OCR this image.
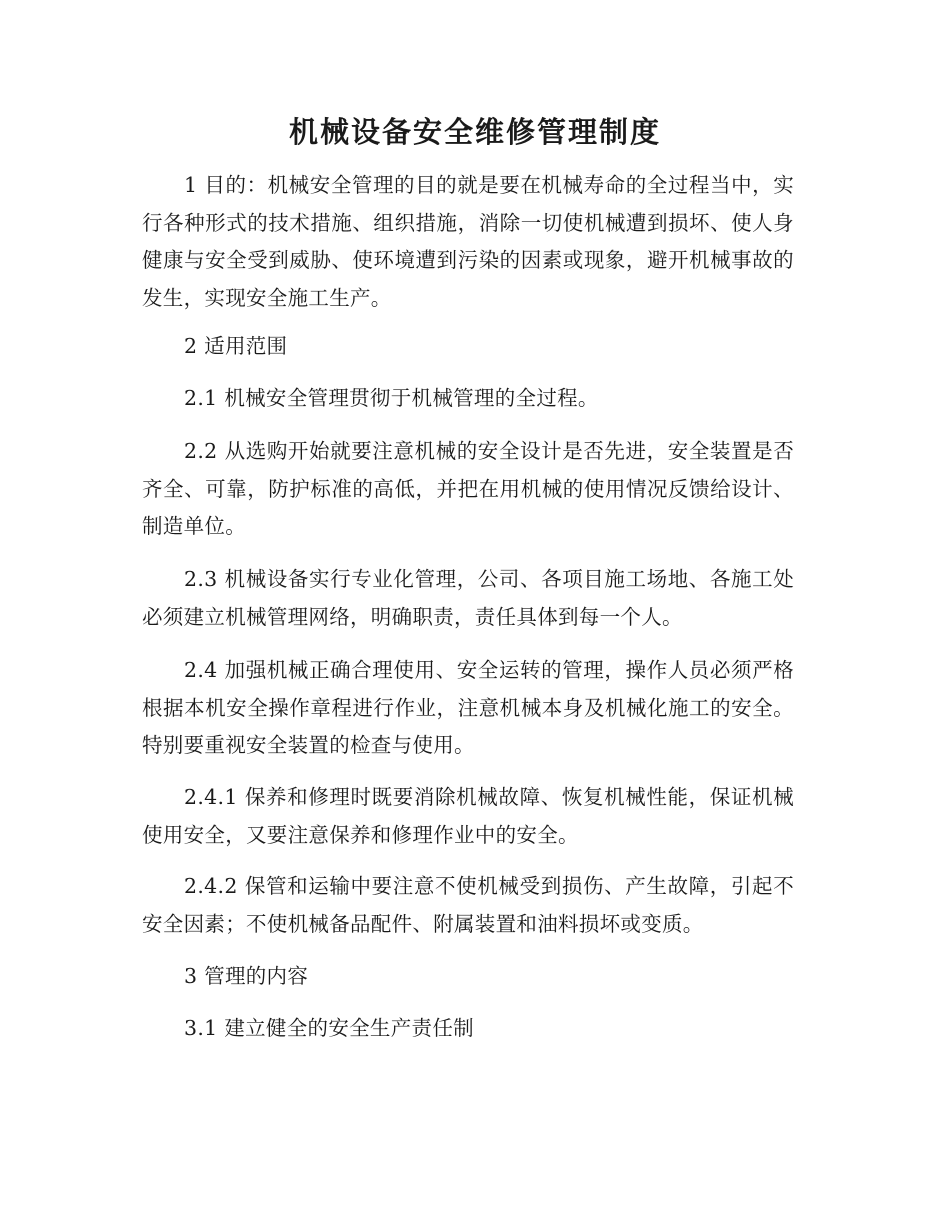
机械设备安全维修管理制度

1 目的：机械安全管理的目的就是要在机械寿命的全过程当中，实行各种形式的技术措施、组织措施，消除一切使机械遭到损坏、使人身健康与安全受到威胁、使环境遭到污染的因素或现象，避开机械事故的发生，实现安全施工生产。

2 适用范围

2.1 机械安全管理贯彻于机械管理的全过程。

2.2 从选购开始就要注意机械的安全设计是否先进，安全装置是否齐全、可靠，防护标准的高低，并把在用机械的使用情况反馈给设计、制造单位。

2.3 机械设备实行专业化管理，公司、各项目施工场地、各施工处必须建立机械管理网络，明确职责，责任具体到每一个人。

2.4 加强机械正确合理使用、安全运转的管理，操作人员必须严格根据本机安全操作章程进行作业，注意机械本身及机械化施工的安全。特别要重视安全装置的检查与使用。

2.4.1 保养和修理时既要消除机械故障、恢复机械性能，保证机械使用安全，又要注意保养和修理作业中的安全。

2.4.2 保管和运输中要注意不使机械受到损伤、产生故障，引起不安全因素；不使机械备品配件、附属装置和油料损坏或变质。

3 管理的内容

3.1 建立健全的安全生产责任制
